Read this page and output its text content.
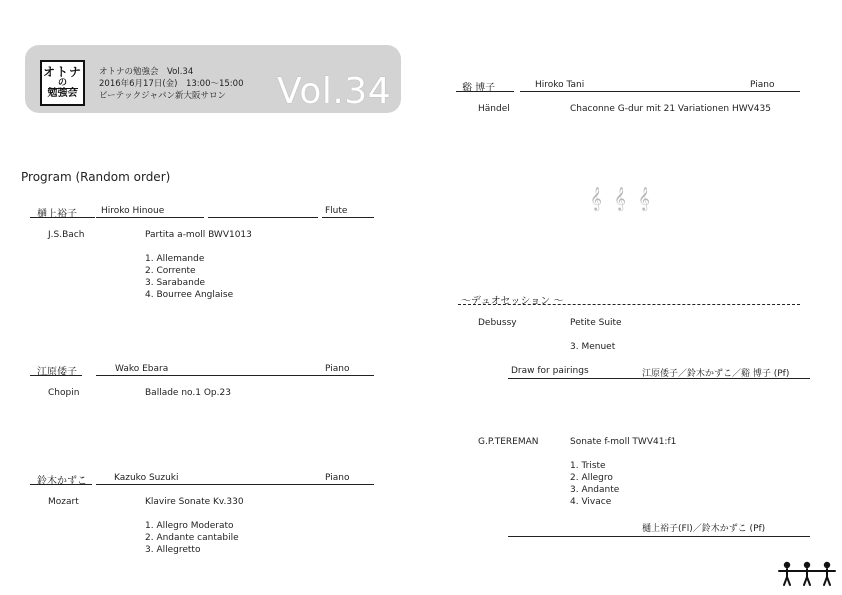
オトナ
の
勉強会
オトナの勉強会　Vol.34
2016年6月17日(金)　13:00～15:00
ビーテックジャパン新大阪サロン Vol.34
Program (Random order)
樋上裕子	Hiroko Hinoue	Flute
J.S.Bach	Partita a-moll BWV1013
1. Allemande
2. Corrente
3. Sarabande
4. Bourree Anglaise
江原倭子	Wako Ebara	Piano
Chopin	Ballade no.1 Op.23
鈴木かずこ	Kazuko Suzuki	Piano
Mozart	Klavire Sonate Kv.330
1. Allegro Moderato
2. Andante cantabile
3. Allegretto
谿 博子	Hiroko Tani	Piano
Händel	Chaconne G-dur mit 21 Variationen HWV435
𝄞 𝄞 𝄞
～デュオセッション ～
Debussy	Petite Suite
3. Menuet
Draw for pairings	江原倭子／鈴木かずこ／谿 博子 (Pf)
G.P.TEREMAN	Sonate f-moll TWV41:f1
1. Triste
2. Allegro
3. Andante
4. Vivace
樋上裕子(Fl)／鈴木かずこ (Pf)
